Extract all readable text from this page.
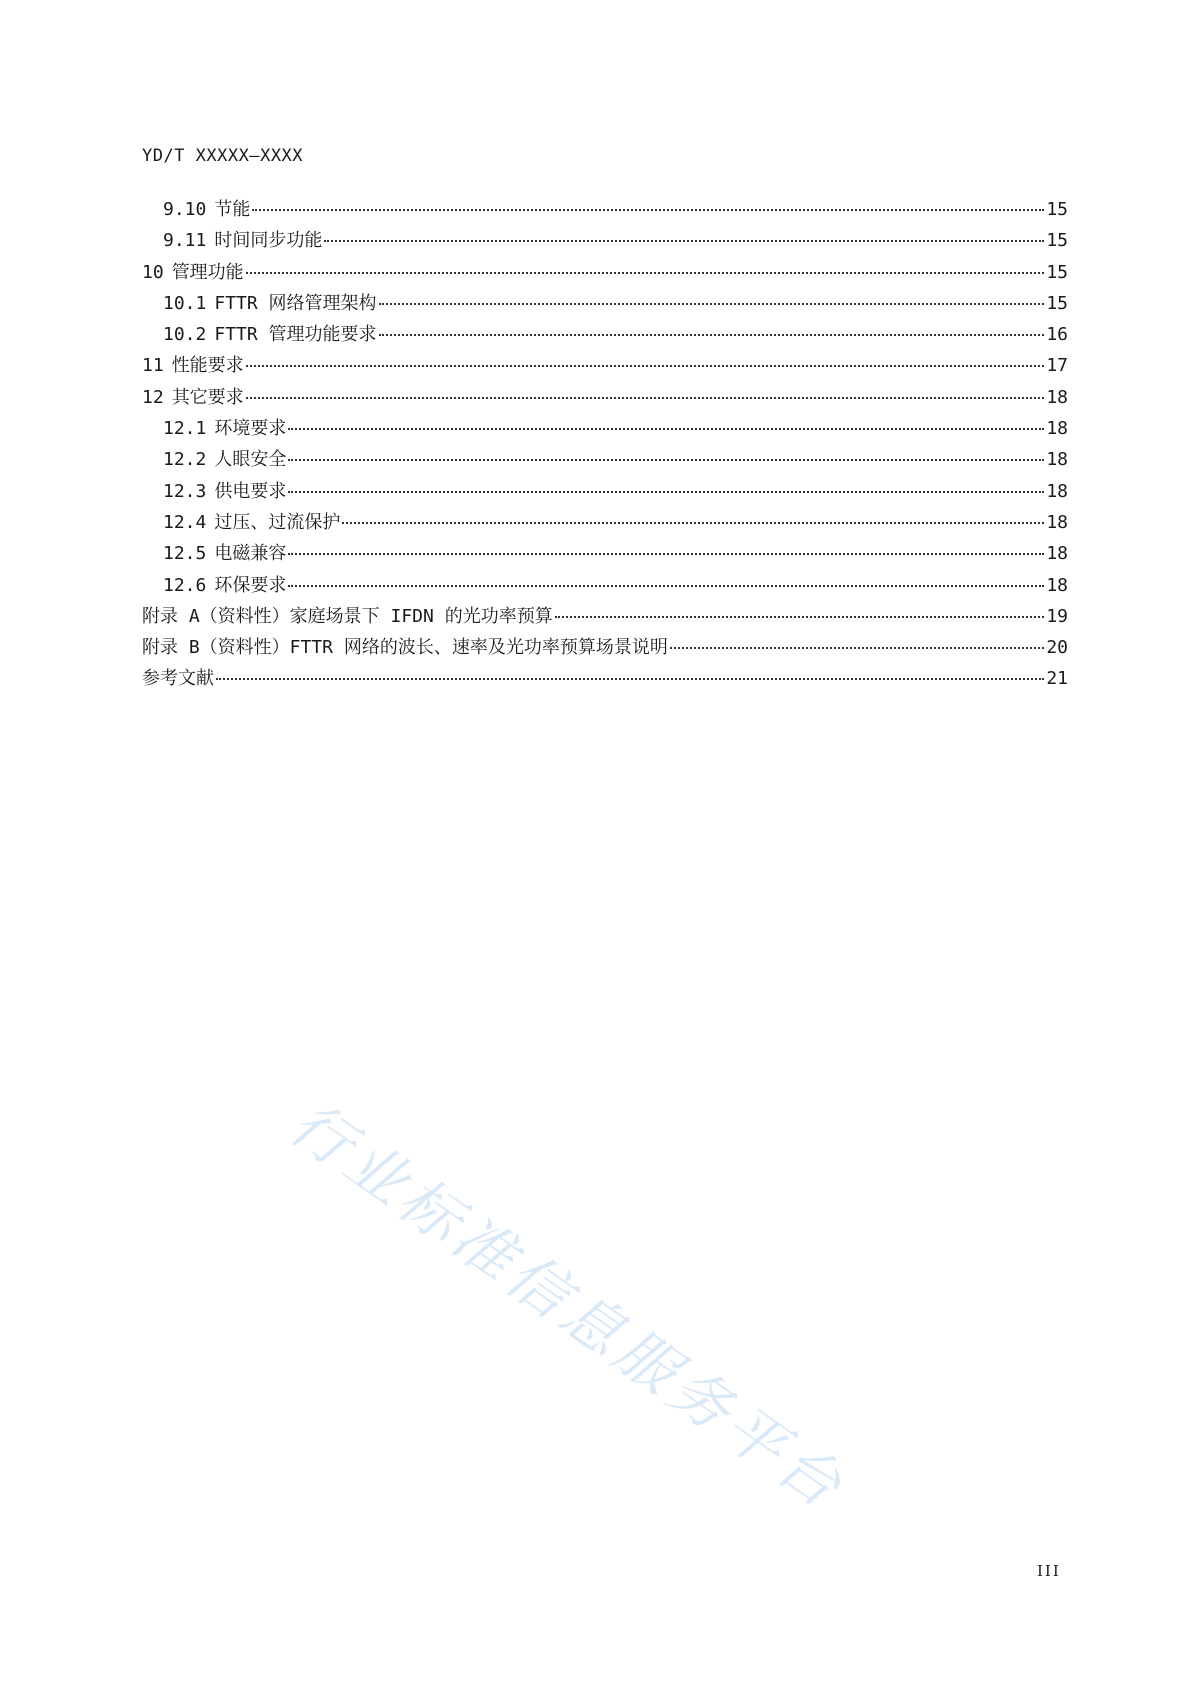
YD/T XXXXX—XXXX
9.10 节能	15
9.11 时间同步功能	15
10 管理功能	15
10.1 FTTR 网络管理架构	15
10.2 FTTR 管理功能要求	16
11 性能要求	17
12 其它要求	18
12.1 环境要求	18
12.2 人眼安全	18
12.3 供电要求	18
12.4 过压、过流保护	18
12.5 电磁兼容	18
12.6 环保要求	18
附录 A（资料性）家庭场景下 IFDN 的光功率预算	19
附录 B（资料性）FTTR 网络的波长、速率及光功率预算场景说明	20
参考文献	21
行业标准信息服务平台
III
